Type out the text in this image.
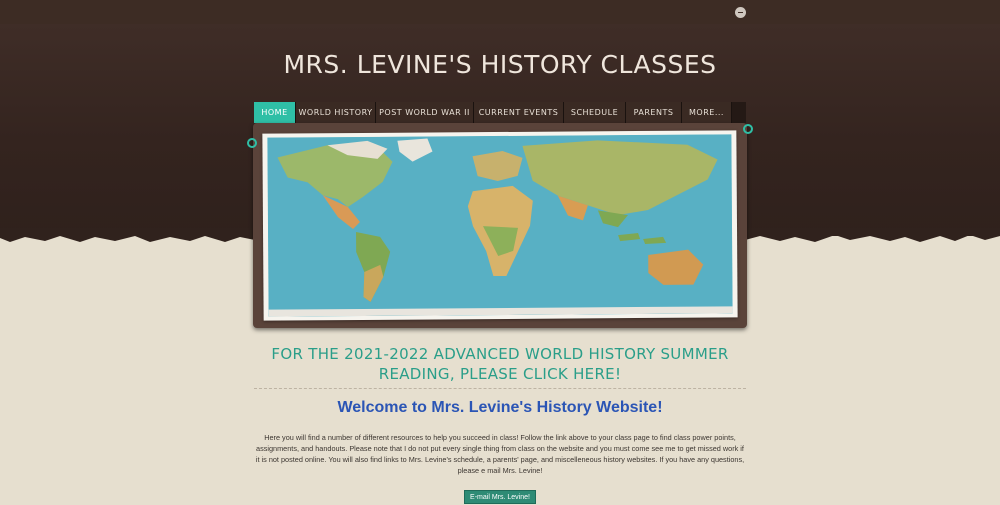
MRS. LEVINE'S HISTORY CLASSES
HOME	WORLD HISTORY POST WORLD WAR II	CURRENT EVENTS	SCHEDULE	PARENTS	MORE...
FOR THE 2021-2022 ADVANCED WORLD HISTORY SUMMER READING, PLEASE CLICK HERE!
Welcome to Mrs. Levine's History Website!
Here you will find a number of different resources to help you succeed in class! Follow the link above to your class page to find class power points, assignments, and handouts. Please note that I do not put every single thing from class on the website and you must come see me to get missed work if it is not posted online. You will also find links to Mrs. Levine's schedule, a parents' page, and miscelleneous history websites. If you have any questions, please e mail Mrs. Levine!
E-mail Mrs. Levine!
